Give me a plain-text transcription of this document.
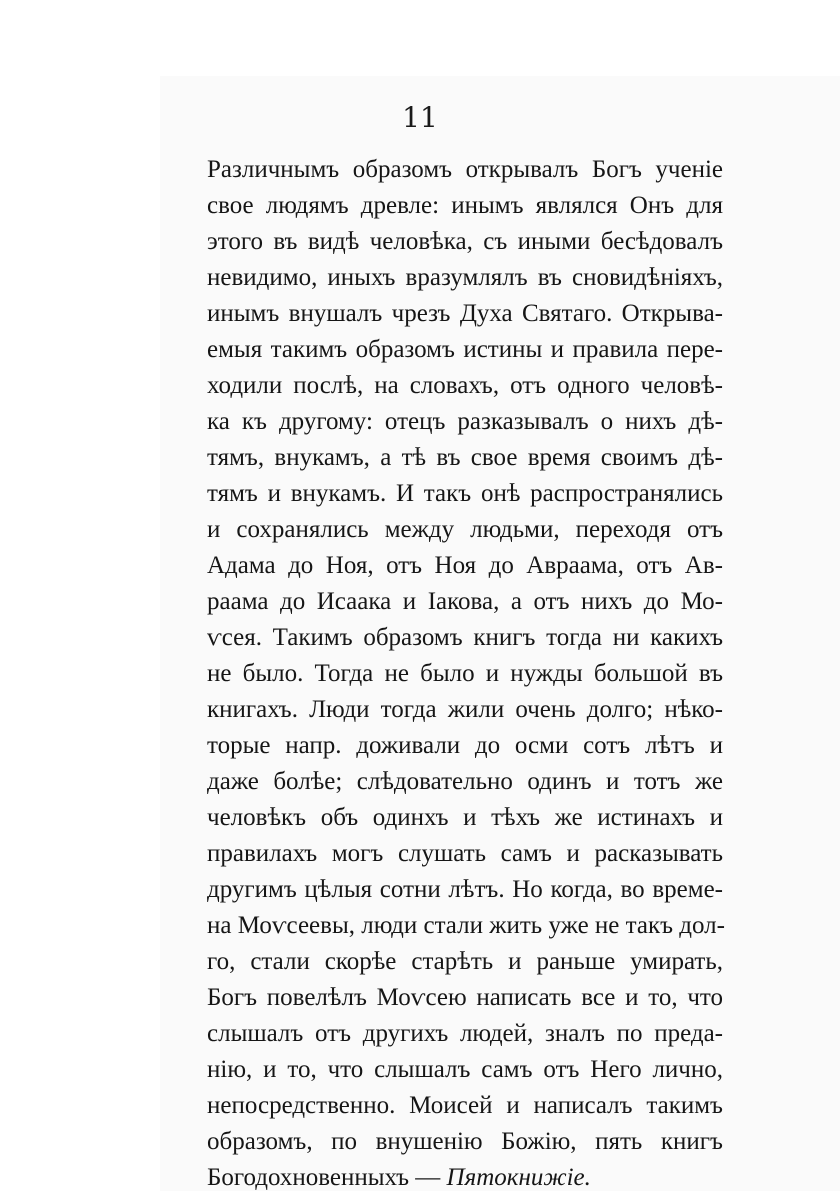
11
Различнымъ образомъ открывалъ Богъ ученіе
свое людямъ древле: инымъ являлся Онъ для
этого въ видѣ человѣка, съ иными бесѣдовалъ
невидимо, иныхъ вразумлялъ въ сновидѣніяхъ,
инымъ внушалъ чрезъ Духа Святаго. Открыва-
емыя такимъ образомъ истины и правила пере-
ходили послѣ, на словахъ, отъ одного человѣ-
ка къ другому: отецъ разказывалъ о нихъ дѣ-
тямъ, внукамъ, а тѣ въ свое время своимъ дѣ-
тямъ и внукамъ. И такъ онѣ распространялись
и сохранялись между людьми, переходя отъ
Адама до Ноя, отъ Ноя до Авраама, отъ Ав-
раама до Исаака и Іакова, а отъ нихъ до Мо-
ѵсея. Такимъ образомъ книгъ тогда ни какихъ
не было. Тогда не было и нужды большой въ
книгахъ. Люди тогда жили очень долго; нѣко-
торые напр. доживали до осми сотъ лѣтъ и
даже болѣе; слѣдовательно одинъ и тотъ же
человѣкъ объ одинхъ и тѣхъ же истинахъ и
правилахъ могъ слушать самъ и расказывать
другимъ цѣлыя сотни лѣтъ. Но когда, во време-
на Моѵсеевы, люди стали жить уже не такъ дол-
го, стали скорѣе старѣть и раньше умирать,
Богъ повелѣлъ Моѵсею написать все и то, что
слышалъ отъ другихъ людей, зналъ по преда-
нію, и то, что слышалъ самъ отъ Него лично,
непосредственно. Моисей и написалъ такимъ
образомъ, по внушенію Божію, пять книгъ
Богодохновенныхъ — Пятокнижіе.
